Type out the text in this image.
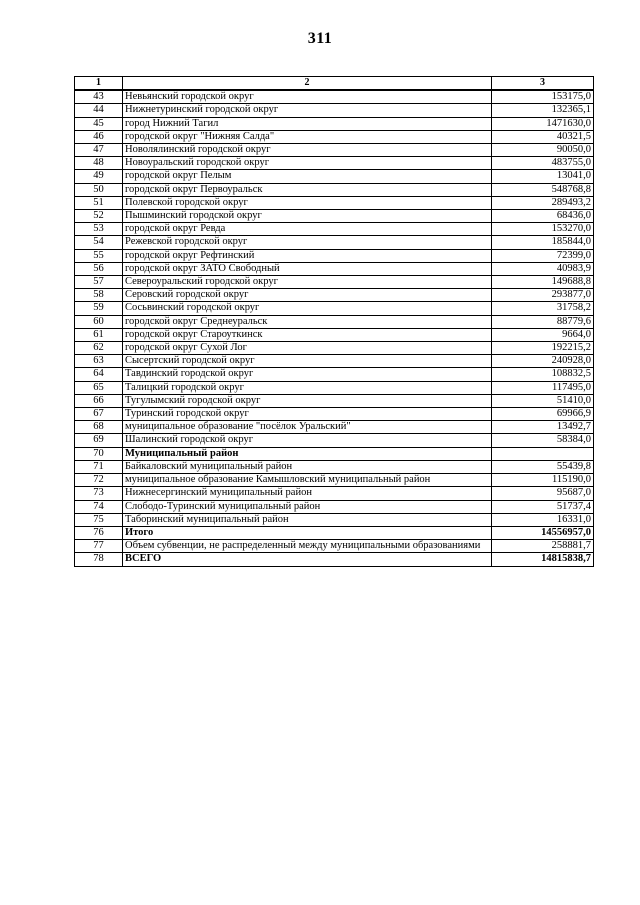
311
1	2	3
43	Невьянский городской округ	153175,0
44	Нижнетуринский городской округ	132365,1
45	город Нижний Тагил	1471630,0
46	городской округ "Нижняя Салда"	40321,5
47	Новолялинский городской округ	90050,0
48	Новоуральский городской округ	483755,0
49	городской округ Пелым	13041,0
50	городской округ Первоуральск	548768,8
51	Полевской городской округ	289493,2
52	Пышминский городской округ	68436,0
53	городской округ Ревда	153270,0
54	Режевской городской округ	185844,0
55	городской округ Рефтинский	72399,0
56	городской округ ЗАТО Свободный	40983,9
57	Североуральский городской округ	149688,8
58	Серовский городской округ	293877,0
59	Сосьвинский городской округ	31758,2
60	городской округ Среднеуральск	88779,6
61	городской округ Староуткинск	9664,0
62	городской округ Сухой Лог	192215,2
63	Сысертский городской округ	240928,0
64	Тавдинский городской округ	108832,5
65	Талицкий городской округ	117495,0
66	Тугулымский городской округ	51410,0
67	Туринский городской округ	69966,9
68	муниципальное образование "посёлок Уральский"	13492,7
69	Шалинский городской округ	58384,0
70	Муниципальный район	
71	Байкаловский муниципальный район	55439,8
72	муниципальное образование Камышловский муниципальный район	115190,0
73	Нижнесергинский муниципальный район	95687,0
74	Слободо-Туринский муниципальный район	51737,4
75	Таборинский муниципальный район	16331,0
76	Итого	14556957,0
77	Объем субвенции, не распределенный между муниципальными образованиями	258881,7
78	ВСЕГО	14815838,7
